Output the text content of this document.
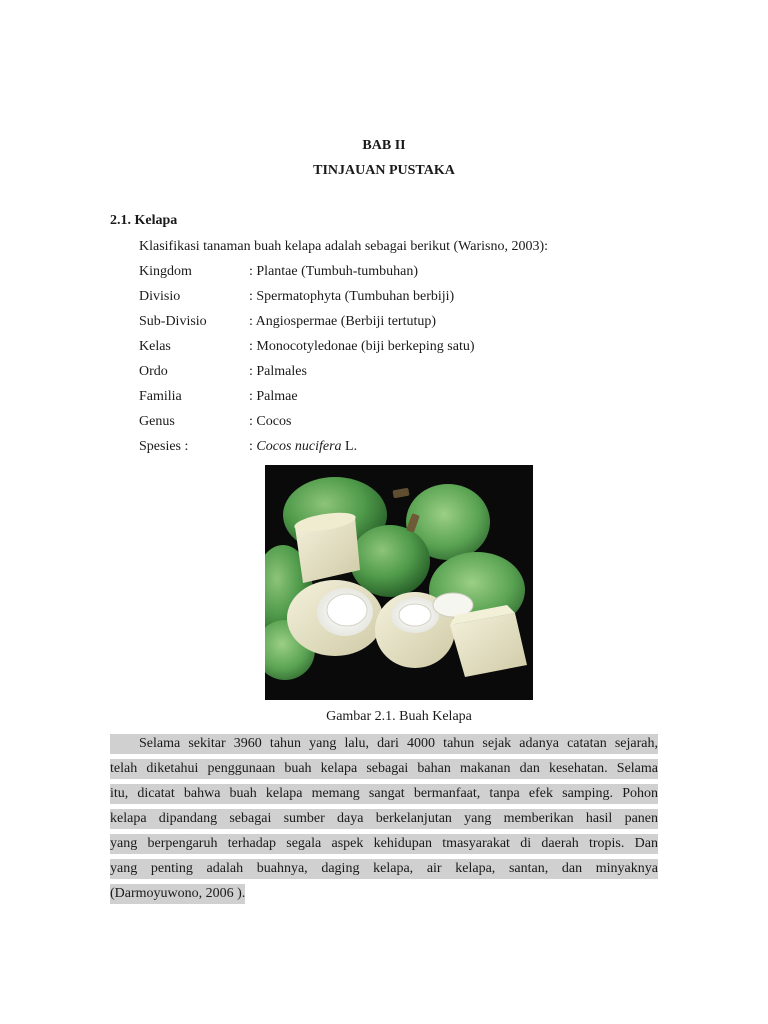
BAB II
TINJAUAN PUSTAKA
2.1. Kelapa
Klasifikasi tanaman buah kelapa adalah sebagai berikut (Warisno, 2003):
Kingdom	: Plantae (Tumbuh-tumbuhan)
Divisio	: Spermatophyta (Tumbuhan berbiji)
Sub-Divisio	: Angiospermae (Berbiji tertutup)
Kelas	: Monocotyledonae (biji berkeping satu)
Ordo	: Palmales
Familia	: Palmae
Genus	: Cocos
Spesies :	: Cocos nucifera L.
Gambar 2.1. Buah Kelapa
Selama sekitar 3960 tahun yang lalu, dari 4000 tahun sejak adanya catatan sejarah,
telah diketahui penggunaan buah kelapa sebagai bahan makanan dan kesehatan. Selama
itu, dicatat bahwa buah kelapa memang sangat bermanfaat, tanpa efek samping. Pohon
kelapa dipandang sebagai sumber daya berkelanjutan yang memberikan hasil panen
yang berpengaruh terhadap segala aspek kehidupan tmasyarakat di daerah tropis. Dan
yang penting adalah buahnya, daging kelapa, air kelapa, santan, dan minyaknya
(Darmoyuwono, 2006 ).
